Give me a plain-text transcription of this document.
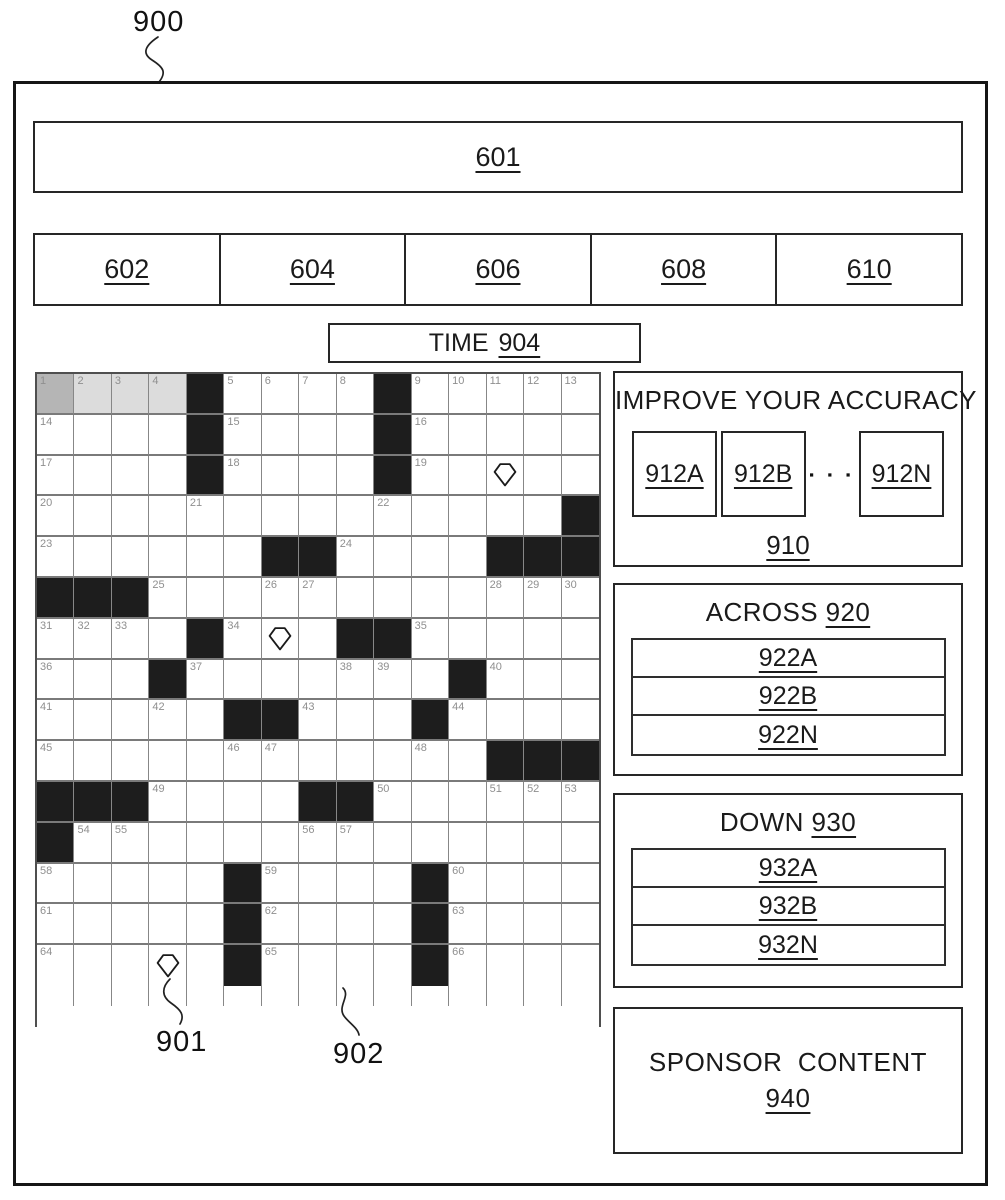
900
601
602	604	606	608	610
TIME 904
1	2	3	4	5	6	7	8	9	10 11 12 13
14	15	16
17	18	19
20	21	22
23	24
25	26 27	28 29 30
31 32 33	34	35
36	37	38 39	40
41	42	43	44
45	46 47	48
49	50	51 52 53
54 55	56 57
58	59	60
61	62	63
64	65	66
IMPROVE YOUR ACCURACY
912A 912B ▪ ▪ ▪ 912N
910
ACROSS 920
922A
922B
922N
DOWN 930
932A
932B
932N
SPONSOR  CONTENT
940
901	902
